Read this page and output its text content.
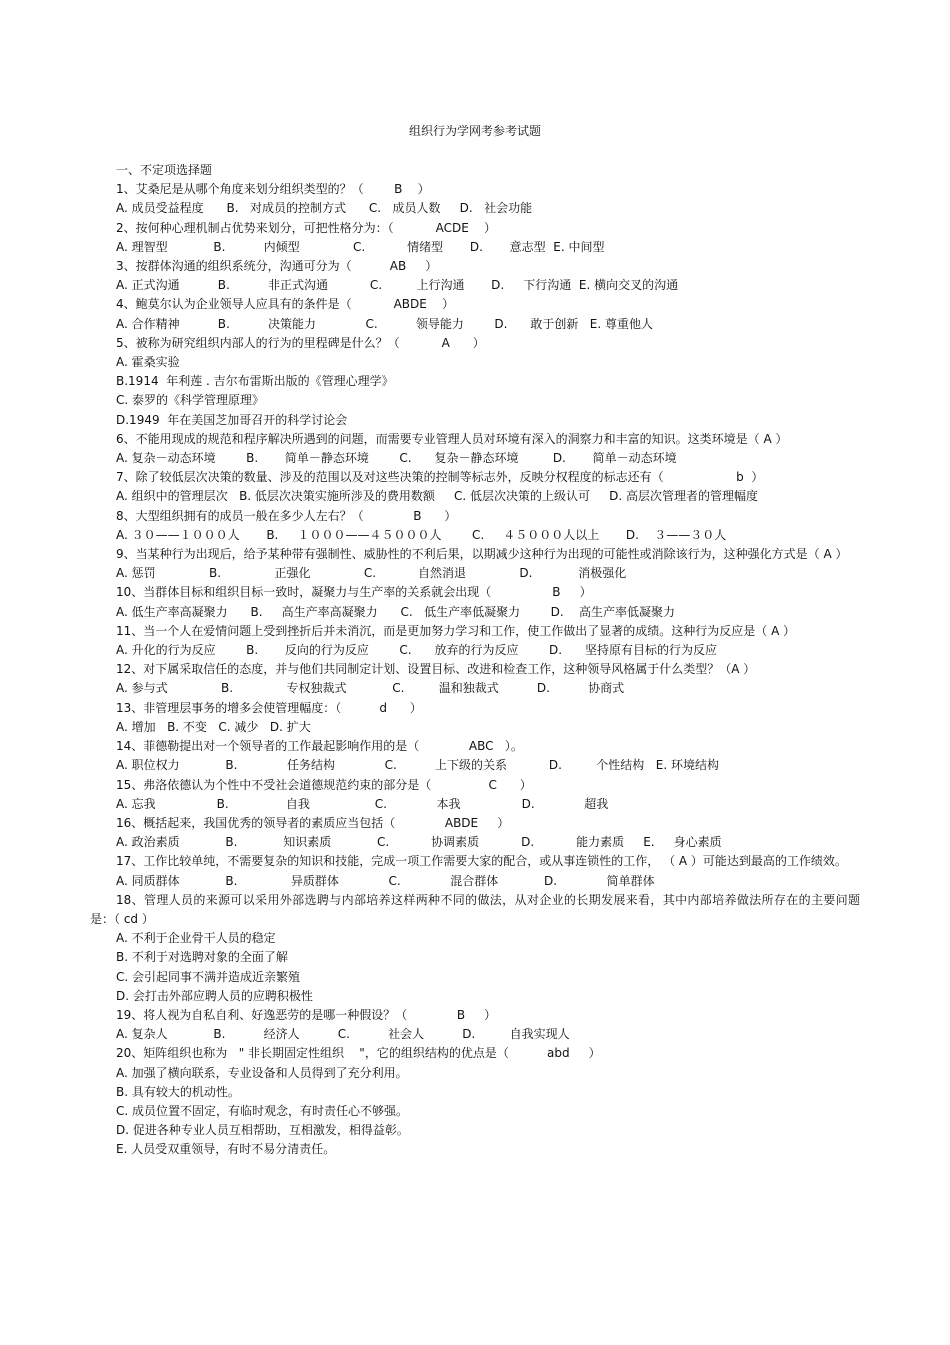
组织行为学网考参考试题
一、不定项选择题
1、艾桑尼是从哪个角度来划分组织类型的？（        B    ）
A. 成员受益程度      B.   对成员的控制方式      C.   成员人数     D.   社会功能
2、按何种心理机制占优势来划分，可把性格分为：（           ACDE    ）
A. 理智型            B.          内倾型              C.           情绪型       D.       意志型  E. 中间型
3、按群体沟通的组织系统分，沟通可分为（          AB     ）
A. 正式沟通          B.          非正式沟通           C.         上行沟通       D.     下行沟通  E. 横向交叉的沟通
4、鲍莫尔认为企业领导人应具有的条件是（           ABDE    ）
A. 合作精神          B.          决策能力             C.          领导能力        D.      敢于创新   E. 尊重他人
5、被称为研究组织内部人的行为的里程碑是什么？（           A      ）
A. 霍桑实验
B.1914  年利莲 . 吉尔布雷斯出版的《管理心理学》
C. 泰罗的《科学管理原理》
D.1949  年在美国芝加哥召开的科学讨论会
6、不能用现成的规范和程序解决所遇到的问题，而需要专业管理人员对环境有深入的洞察力和丰富的知识。这类环境是（ A ）
A. 复杂－动态环境        B.       简单－静态环境        C.      复杂－静态环境         D.       简单－动态环境
7、除了较低层次决策的数量、涉及的范围以及对这些决策的控制等标志外，反映分权程度的标志还有（                   b  ）
A. 组织中的管理层次   B. 低层次决策实施所涉及的费用数额     C. 低层次决策的上级认可     D. 高层次管理者的管理幅度
8、大型组织拥有的成员一般在多少人左右？（             B      ）
A. ３０——１０００人       B.     １０００——４５０００人        C.     ４５０００人以上       D.    ３——３０人
9、当某种行为出现后，给予某种带有强制性、威胁性的不利后果，以期减少这种行为出现的可能性或消除该行为，这种强化方式是（ A ）
A. 惩罚              B.              正强化              C.           自然消退              D.            消极强化
10、当群体目标和组织目标一致时，凝聚力与生产率的关系就会出现（                B     ）
A. 低生产率高凝聚力      B.     高生产率高凝聚力      C.   低生产率低凝聚力        D.    高生产率低凝聚力
11、当一个人在爱情问题上受到挫折后并未消沉，而是更加努力学习和工作，使工作做出了显著的成绩。这种行为反应是（ A ）
A. 升化的行为反应        B.       反向的行为反应        C.      放弃的行为反应        D.      坚持原有目标的行为反应
12、对下属采取信任的态度，并与他们共同制定计划、设置目标、改进和检查工作，这种领导风格属于什么类型？（A ）
A. 参与式              B.              专权独裁式            C.         温和独裁式          D.          协商式
13、非管理层事务的增多会使管理幅度：（          d      ）
A. 增加   B. 不变   C. 减少   D. 扩大
14、菲德勒提出对一个领导者的工作最起影响作用的是（             ABC   ）。
A. 职位权力            B.             任务结构             C.          上下级的关系           D.         个性结构   E. 环境结构
15、弗洛依德认为个性中不受社会道德规范约束的部分是（               C      ）
A. 忘我                B.               自我                 C.             本我                D.             超我
16、概括起来，我国优秀的领导者的素质应当包括（             ABDE     ）
A. 政治素质            B.            知识素质            C.           协调素质           D.           能力素质     E.     身心素质
17、工作比较单纯，不需要复杂的知识和技能，完成一项工作需要大家的配合，或从事连锁性的工作， （ A ）可能达到最高的工作绩效。
A. 同质群体            B.              异质群体             C.             混合群体            D.             简单群体
18、管理人员的来源可以采用外部选聘与内部培养这样两种不同的做法，从对企业的长期发展来看，其中内部培养做法所存在的主要问题是：（ cd ）
A. 不利于企业骨干人员的稳定
B. 不利于对选聘对象的全面了解
C. 会引起同事不满并造成近亲繁殖
D. 会打击外部应聘人员的应聘积极性
19、将人视为自私自利、好逸恶劳的是哪一种假设？（             B     ）
A. 复杂人            B.          经济人          C.          社会人          D.         自我实现人
20、矩阵组织也称为   " 非长期固定性组织    "，它的组织结构的优点是（          abd     ）
A. 加强了横向联系，专业设备和人员得到了充分利用。
B. 具有较大的机动性。
C. 成员位置不固定，有临时观念，有时责任心不够强。
D. 促进各种专业人员互相帮助，互相激发，相得益彰。
E. 人员受双重领导，有时不易分清责任。
